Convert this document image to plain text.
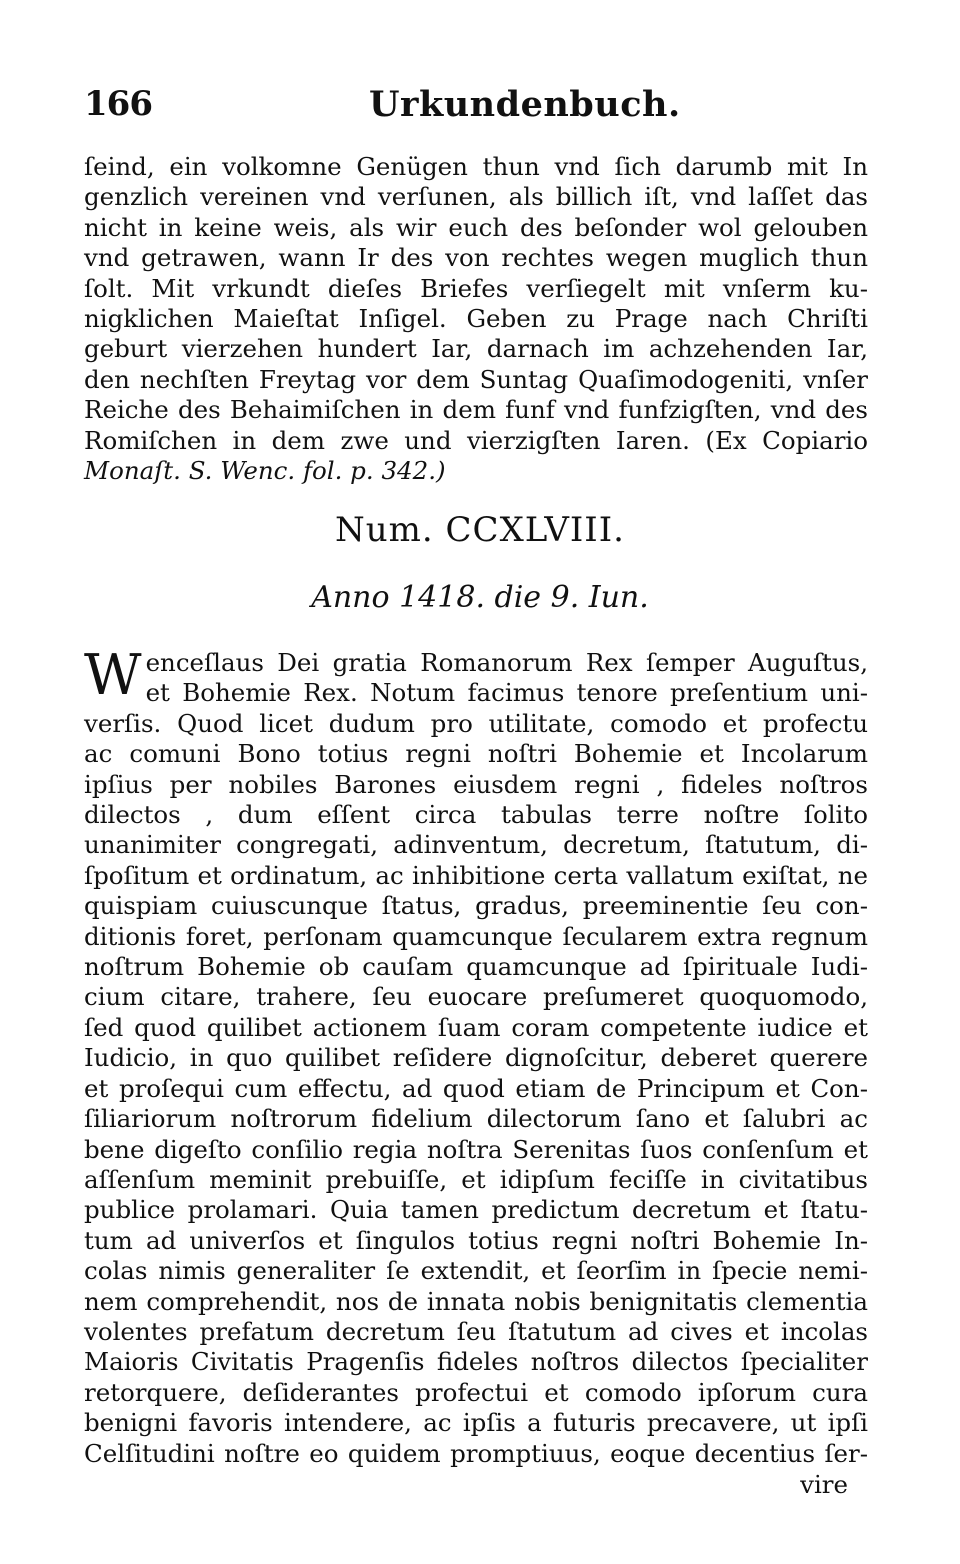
166	Urkundenbuch.
ſeind, ein volkomne Genügen thun vnd ſich darumb mit In
genzlich vereinen vnd verſunen, als billich iſt, vnd laſſet das
nicht in keine weis, als wir euch des beſonder wol gelouben
vnd getrawen, wann Ir des von rechtes wegen muglich thun
ſolt. Mit vrkundt dieſes Briefes verſiegelt mit vnſerm ku-
nigklichen Maieſtat Inſigel. Geben zu Prage nach Chriſti
geburt vierzehen hundert Iar, darnach im achzehenden Iar,
den nechſten Freytag vor dem Suntag Quaſimodogeniti, vnſer
Reiche des Behaimiſchen in dem funf vnd funfzigſten, vnd des
Romiſchen in dem zwe und vierzigſten Iaren. (Ex Copiario
Monaſt. S. Wenc. fol. p. 342.)
Num. CCXLVIII.
Anno 1418. die 9. Iun.
W enceſlaus Dei gratia Romanorum Rex ſemper Auguſtus,
et Bohemie Rex. Notum facimus tenore preſentium uni-
verſis. Quod licet dudum pro utilitate, comodo et profectu
ac comuni Bono totius regni noſtri Bohemie et Incolarum
ipſius per nobiles Barones eiusdem regni , fideles noſtros
dilectos , dum eſſent circa tabulas terre noſtre ſolito
unanimiter congregati, adinventum, decretum, ſtatutum, di-
ſpoſitum et ordinatum, ac inhibitione certa vallatum exiſtat, ne
quispiam cuiuscunque ſtatus, gradus, preeminentie ſeu con-
ditionis foret, perſonam quamcunque ſecularem extra regnum
noſtrum Bohemie ob cauſam quamcunque ad ſpirituale Iudi-
cium citare, trahere, ſeu euocare preſumeret quoquomodo,
ſed quod quilibet actionem ſuam coram competente iudice et
Iudicio, in quo quilibet reſidere dignoſcitur, deberet querere
et proſequi cum effectu, ad quod etiam de Principum et Con-
ſiliariorum noſtrorum fidelium dilectorum ſano et ſalubri ac
bene digeſto conſilio regia noſtra Serenitas ſuos conſenſum et
aſſenſum meminit prebuiſſe, et idipſum feciſſe in civitatibus
publice prolamari. Quia tamen predictum decretum et ſtatu-
tum ad univerſos et ſingulos totius regni noſtri Bohemie In-
colas nimis generaliter ſe extendit, et ſeorſim in ſpecie nemi-
nem comprehendit, nos de innata nobis benignitatis clementia
volentes prefatum decretum ſeu ſtatutum ad cives et incolas
Maioris Civitatis Pragenſis fideles noſtros dilectos ſpecialiter
retorquere, deſiderantes profectui et comodo ipſorum cura
benigni favoris intendere, ac ipſis a futuris precavere, ut ipſi
Celſitudini noſtre eo quidem promptiuus, eoque decentius ſer-
vire
